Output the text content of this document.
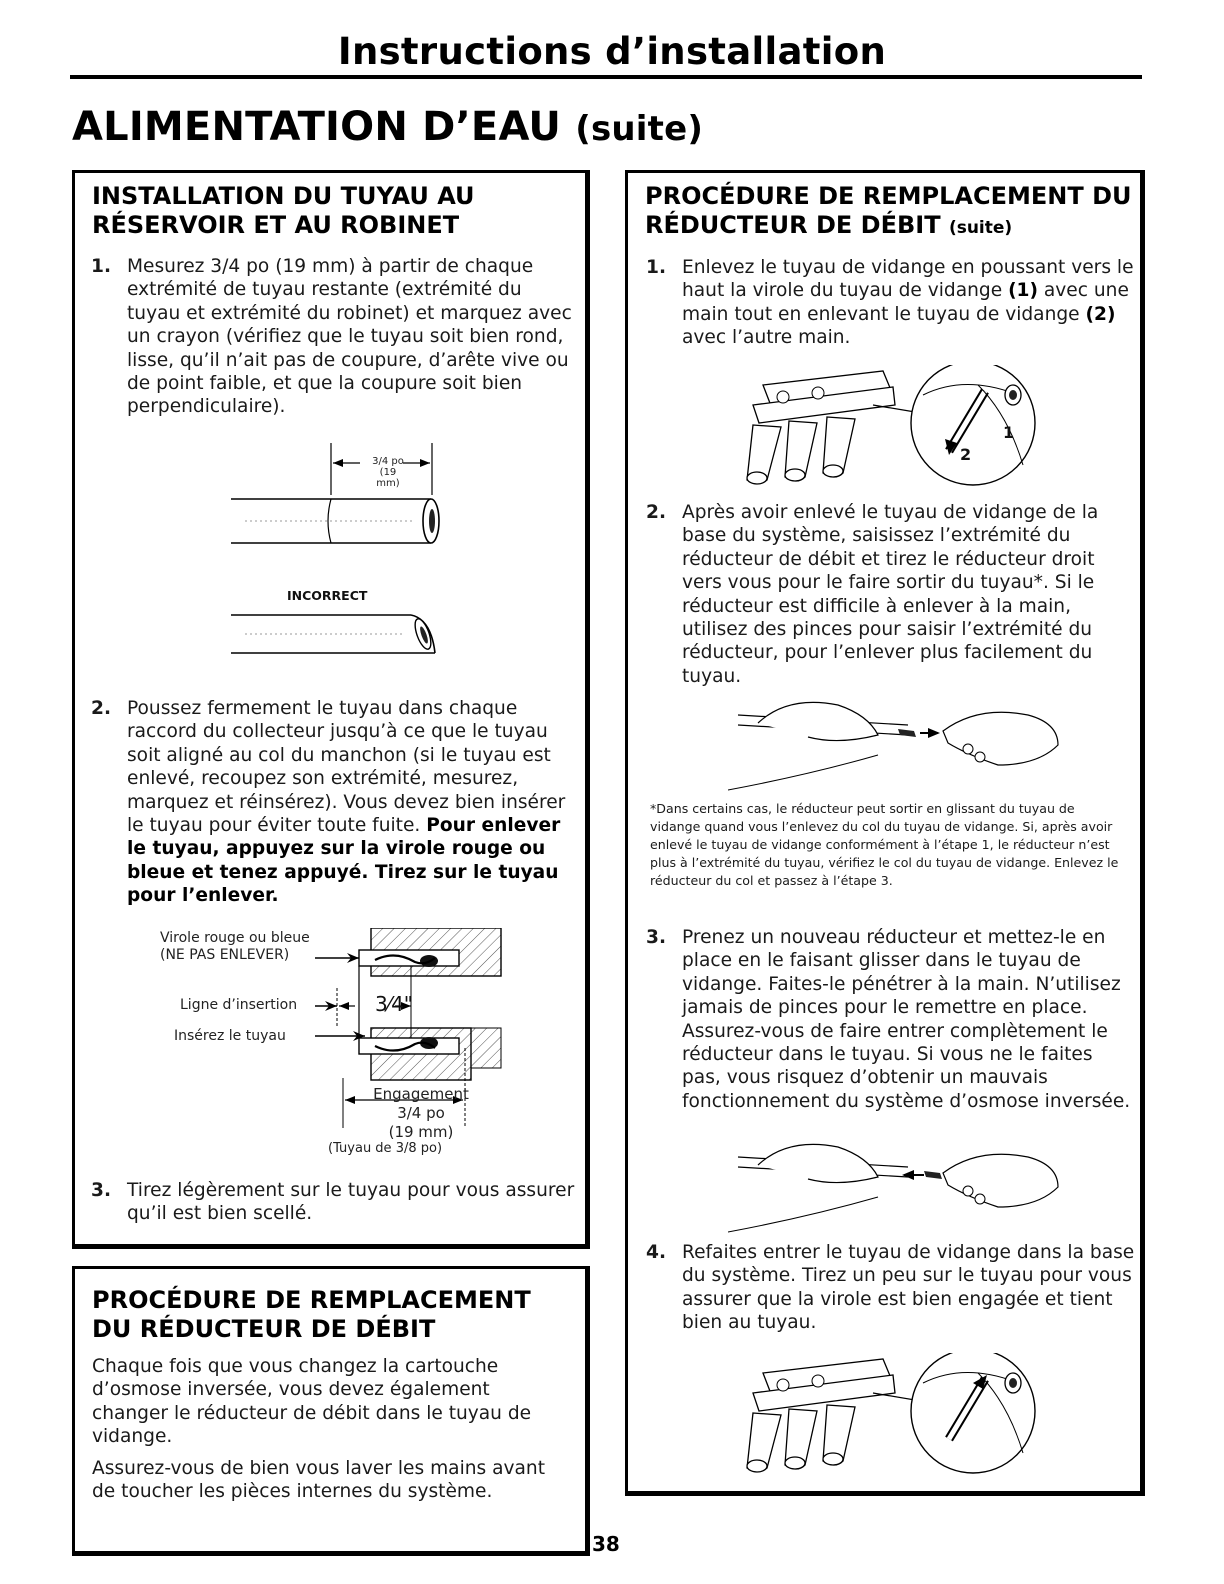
Instructions d’installation
ALIMENTATION D’EAU (suite)
INSTALLATION DU TUYAU AU RÉSERVOIR ET AU ROBINET
1. Mesurez 3/4 po (19 mm) à partir de chaque extrémité de tuyau restante (extrémité du tuyau et extrémité du robinet) et marquez avec un crayon (vérifiez que le tuyau soit bien rond, lisse, qu’il n’ait pas de coupure, d’arête vive ou de point faible, et que la coupure soit bien perpendiculaire).
3/4 po
(19 mm)
INCORRECT
2. Poussez fermement le tuyau dans chaque raccord du collecteur jusqu’à ce que le tuyau soit aligné au col du manchon (si le tuyau est enlevé, recoupez son extrémité, mesurez, marquez et réinsérez). Vous devez bien insérer le tuyau pour éviter toute fuite. Pour enlever le tuyau, appuyez sur la virole rouge ou bleue et tenez appuyé. Tirez sur le tuyau pour l’enlever.
Virole rouge ou bleue
(NE PAS ENLEVER)
Ligne d’insertion
Insérez le tuyau
3⁄4"
Engagement
3/4 po
(19 mm)
(Tuyau de 3/8 po)
3. Tirez légèrement sur le tuyau pour vous assurer qu’il est bien scellé.
PROCÉDURE DE REMPLACEMENT DU RÉDUCTEUR DE DÉBIT
Chaque fois que vous changez la cartouche d’osmose inversée, vous devez également changer le réducteur de débit dans le tuyau de vidange.
Assurez-vous de bien vous laver les mains avant de toucher les pièces internes du système.
PROCÉDURE DE REMPLACEMENT DU RÉDUCTEUR DE DÉBIT (suite)
1. Enlevez le tuyau de vidange en poussant vers le haut la virole du tuyau de vidange (1) avec une main tout en enlevant le tuyau de vidange (2) avec l’autre main.
1
2
2. Après avoir enlevé le tuyau de vidange de la base du système, saisissez l’extrémité du réducteur de débit et tirez le réducteur droit vers vous pour le faire sortir du tuyau*. Si le réducteur est difficile à enlever à la main, utilisez des pinces pour saisir l’extrémité du réducteur, pour l’enlever plus facilement du tuyau.
*Dans certains cas, le réducteur peut sortir en glissant du tuyau de vidange quand vous l’enlevez du col du tuyau de vidange. Si, après avoir enlevé le tuyau de vidange conformément à l’étape 1, le réducteur n’est plus à l’extrémité du tuyau, vérifiez le col du tuyau de vidange. Enlevez le réducteur du col et passez à l’étape 3.
3. Prenez un nouveau réducteur et mettez-le en place en le faisant glisser dans le tuyau de vidange. Faites-le pénétrer à la main. N’utilisez jamais de pinces pour le remettre en place. Assurez-vous de faire entrer complètement le réducteur dans le tuyau. Si vous ne le faites pas, vous risquez d’obtenir un mauvais fonctionnement du système d’osmose inversée.
4. Refaites entrer le tuyau de vidange dans la base du système. Tirez un peu sur le tuyau pour vous assurer que la virole est bien engagée et tient bien au tuyau.
38
